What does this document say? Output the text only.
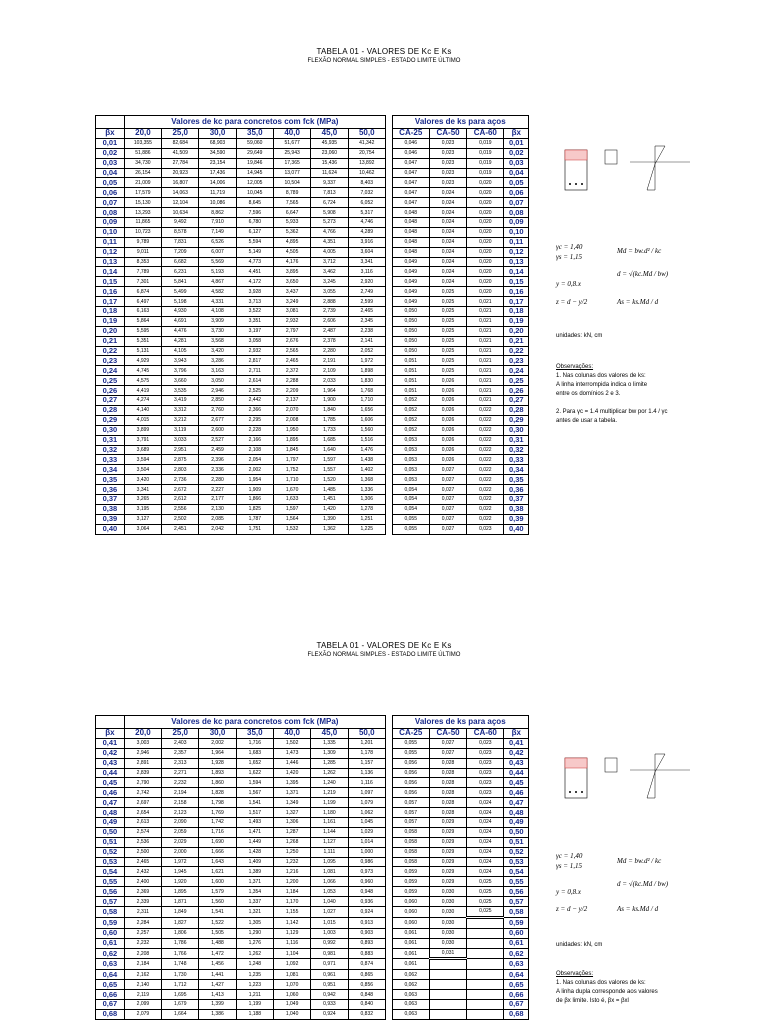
TABELA 01 - VALORES DE Kc E Ks
FLEXÃO NORMAL SIMPLES - ESTADO LIMITE ÚLTIMO
	Valores de kc para concretos com fck (MPa)								Valores de ks para aços			
βx	20,0	25,0	30,0	35,0	40,0	45,0	50,0		CA-25	CA-50	CA-60	βx
0,01	103,355	82,684	68,903	59,060	51,677	45,935	41,342		0,046	0,023	0,019	0,01
0,02	51,886	41,509	34,590	29,649	25,943	23,060	20,754		0,046	0,023	0,019	0,02
0,03	34,730	27,784	23,154	19,846	17,365	15,436	13,892		0,047	0,023	0,019	0,03
0,04	26,154	20,923	17,436	14,945	13,077	11,624	10,462		0,047	0,023	0,019	0,04
0,05	21,009	16,807	14,006	12,005	10,504	9,337	8,403		0,047	0,023	0,020	0,05
0,06	17,579	14,063	11,719	10,045	8,789	7,813	7,032		0,047	0,024	0,020	0,06
0,07	15,130	12,104	10,086	8,645	7,565	6,724	6,052		0,047	0,024	0,020	0,07
0,08	13,293	10,634	8,862	7,596	6,647	5,908	5,317		0,048	0,024	0,020	0,08
0,09	11,865	9,492	7,910	6,780	5,933	5,273	4,746		0,048	0,024	0,020	0,09
0,10	10,723	8,578	7,149	6,127	5,362	4,766	4,289		0,048	0,024	0,020	0,10
0,11	9,789	7,831	6,526	5,594	4,895	4,351	3,916		0,048	0,024	0,020	0,11
0,12	9,011	7,209	6,007	5,149	4,505	4,005	3,604		0,048	0,024	0,020	0,12
0,13	8,353	6,682	5,569	4,773	4,176	3,712	3,341		0,049	0,024	0,020	0,13
0,14	7,789	6,231	5,193	4,451	3,895	3,462	3,116		0,049	0,024	0,020	0,14
0,15	7,301	5,841	4,867	4,172	3,650	3,245	2,920		0,049	0,024	0,020	0,15
0,16	6,874	5,499	4,582	3,928	3,437	3,055	2,749		0,049	0,025	0,020	0,16
0,17	6,497	5,198	4,331	3,713	3,249	2,888	2,599		0,049	0,025	0,021	0,17
0,18	6,163	4,930	4,108	3,522	3,081	2,739	2,465		0,050	0,025	0,021	0,18
0,19	5,864	4,691	3,909	3,351	2,932	2,606	2,345		0,050	0,025	0,021	0,19
0,20	5,595	4,476	3,730	3,197	2,797	2,487	2,238		0,050	0,025	0,021	0,20
0,21	5,351	4,281	3,568	3,058	2,676	2,378	2,141		0,050	0,025	0,021	0,21
0,22	5,131	4,105	3,420	2,932	2,565	2,280	2,052		0,050	0,025	0,021	0,22
0,23	4,929	3,943	3,286	2,817	2,465	2,191	1,972		0,051	0,025	0,021	0,23
0,24	4,745	3,796	3,163	2,711	2,372	2,109	1,898		0,051	0,025	0,021	0,24
0,25	4,575	3,660	3,050	2,614	2,288	2,033	1,830		0,051	0,026	0,021	0,25
0,26	4,419	3,535	2,946	2,525	2,209	1,964	1,768		0,051	0,026	0,021	0,26
0,27	4,274	3,419	2,850	2,442	2,137	1,900	1,710		0,052	0,026	0,021	0,27
0,28	4,140	3,312	2,760	2,366	2,070	1,840	1,656		0,052	0,026	0,022	0,28
0,29	4,015	3,212	2,677	2,295	2,008	1,785	1,606		0,052	0,026	0,022	0,29
0,30	3,899	3,119	2,600	2,228	1,950	1,733	1,560		0,052	0,026	0,022	0,30
0,31	3,791	3,033	2,527	2,166	1,895	1,685	1,516		0,053	0,026	0,022	0,31
0,32	3,689	2,951	2,459	2,108	1,845	1,640	1,476		0,053	0,026	0,022	0,32
0,33	3,594	2,875	2,396	2,054	1,797	1,597	1,438		0,053	0,026	0,022	0,33
0,34	3,504	2,803	2,336	2,002	1,752	1,557	1,402		0,053	0,027	0,022	0,34
0,35	3,420	2,736	2,280	1,954	1,710	1,520	1,368		0,053	0,027	0,022	0,35
0,36	3,341	2,672	2,227	1,909	1,670	1,485	1,336		0,054	0,027	0,022	0,36
0,37	3,265	2,612	2,177	1,866	1,633	1,451	1,306		0,054	0,027	0,022	0,37
0,38	3,195	2,556	2,130	1,825	1,597	1,420	1,278		0,054	0,027	0,022	0,38
0,39	3,127	2,502	2,085	1,787	1,564	1,390	1,251		0,055	0,027	0,022	0,39
0,40	3,064	2,451	2,042	1,751	1,532	1,362	1,225		0,055	0,027	0,023	0,40
γc = 1,40
γs = 1,15
Md = bw.d² / kc
d = √(kc.Md / bw)
y = 0,8.x
z = d − y/2	As = ks.Md / d
unidades: kN, cm
Observações:
1. Nas colunas dos valores de ks:
A linha interrompida indica o limite
entre os domínios 2 e 3.
2. Para γc = 1.4 multiplicar bw por 1.4 / γc
antes de usar a tabela.
TABELA 01 - VALORES DE Kc E Ks
FLEXÃO NORMAL SIMPLES - ESTADO LIMITE ÚLTIMO
	Valores de kc para concretos com fck (MPa)								Valores de ks para aços			
βx	20,0	25,0	30,0	35,0	40,0	45,0	50,0		CA-25	CA-50	CA-60	βx
0,41	3,003	2,403	2,002	1,716	1,502	1,335	1,201		0,055	0,027	0,023	0,41
0,42	2,946	2,357	1,964	1,683	1,473	1,309	1,178		0,055	0,027	0,023	0,42
0,43	2,891	2,313	1,928	1,652	1,446	1,285	1,157		0,056	0,028	0,023	0,43
0,44	2,839	2,271	1,893	1,622	1,420	1,262	1,136		0,056	0,028	0,023	0,44
0,45	2,790	2,232	1,860	1,594	1,395	1,240	1,116		0,056	0,028	0,023	0,45
0,46	2,742	2,194	1,828	1,567	1,371	1,219	1,097		0,056	0,028	0,023	0,46
0,47	2,697	2,158	1,798	1,541	1,349	1,199	1,079		0,057	0,028	0,024	0,47
0,48	2,654	2,123	1,769	1,517	1,327	1,180	1,062		0,057	0,028	0,024	0,48
0,49	2,613	2,090	1,742	1,493	1,306	1,161	1,045		0,057	0,029	0,024	0,49
0,50	2,574	2,059	1,716	1,471	1,287	1,144	1,029		0,058	0,029	0,024	0,50
0,51	2,536	2,029	1,690	1,449	1,268	1,127	1,014		0,058	0,029	0,024	0,51
0,52	2,500	2,000	1,666	1,428	1,250	1,111	1,000		0,058	0,029	0,024	0,52
0,53	2,465	1,972	1,643	1,409	1,232	1,095	0,986		0,058	0,029	0,024	0,53
0,54	2,432	1,945	1,621	1,389	1,216	1,081	0,973		0,059	0,029	0,024	0,54
0,55	2,400	1,920	1,600	1,371	1,200	1,066	0,960		0,059	0,029	0,025	0,55
0,56	2,369	1,895	1,579	1,354	1,184	1,053	0,948		0,059	0,030	0,025	0,56
0,57	2,339	1,871	1,560	1,337	1,170	1,040	0,936		0,060	0,030	0,025	0,57
0,58	2,311	1,849	1,541	1,321	1,155	1,027	0,924		0,060	0,030	0,025	0,58
0,59	2,284	1,827	1,522	1,305	1,142	1,015	0,913		0,060	0,030		0,59
0,60	2,257	1,806	1,505	1,290	1,129	1,003	0,903		0,061	0,030		0,60
0,61	2,232	1,786	1,488	1,276	1,116	0,992	0,893		0,061	0,030		0,61
0,62	2,208	1,766	1,472	1,262	1,104	0,981	0,883		0,061	0,031		0,62
0,63	2,184	1,748	1,456	1,248	1,092	0,971	0,874		0,061			0,63
0,64	2,162	1,730	1,441	1,235	1,081	0,961	0,865		0,062			0,64
0,65	2,140	1,712	1,427	1,223	1,070	0,951	0,856		0,062			0,65
0,66	2,119	1,695	1,413	1,211	1,060	0,942	0,848		0,063			0,66
0,67	2,099	1,679	1,399	1,199	1,049	0,933	0,840		0,063			0,67
0,68	2,079	1,664	1,386	1,188	1,040	0,924	0,832		0,063			0,68
γc = 1,40
γs = 1,15
Md = bw.d² / kc
d = √(kc.Md / bw)
y = 0,8.x
z = d − y/2	As = ks.Md / d
unidades: kN, cm
Observações:
1. Nas colunas dos valores de ks:
A linha dupla corresponde aos valores
de βx limite. Isto é, βx = βxl
